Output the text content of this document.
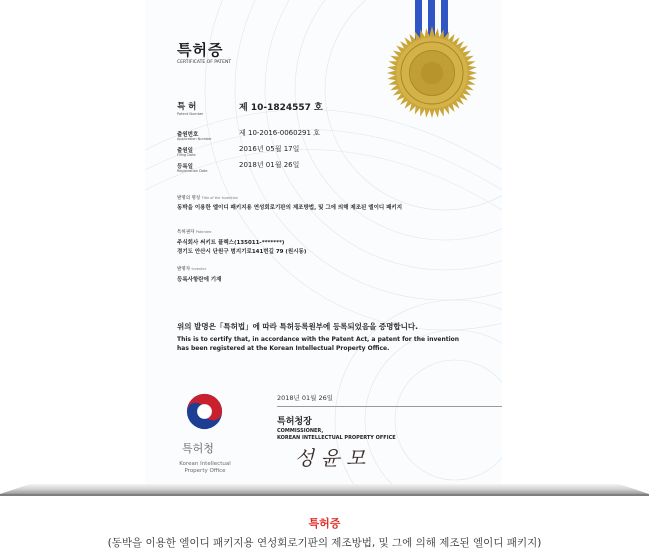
특허증
CERTIFICATE OF PATENT
특 허
Patent Number
제 10-1824557 호
출원번호
Application Number
제 10-2016-0060291 호
출원일
Filing Date
2016년 05월 17일
등록일
Registration Date
2018년 01월 26일
발명의 명칭 Title of the Invention
동박을 이용한 엘이디 패키지용 연성회로기판의 제조방법, 및 그에 의해 제조된 엘이디 패키지
특허권자 Patentee
주식회사 써키트 플렉스(135011-*******)
경기도 안산시 단원구 범지기로141번길 79 (원시동)
발명자 Inventor
등록사항란에 기재
위의 발명은「특허법」에 따라 특허등록원부에 등록되었음을 증명합니다.
This is to certify that, in accordance with the Patent Act, a patent for the invention
has been registered at the Korean Intellectual Property Office.
2018년 01월 26일
특허청장
COMMISSIONER,
KOREAN INTELLECTUAL PROPERTY OFFICE
성 윤 모
특허청
Korean Intellectual Property Office
특허증
(동박을 이용한 엘이디 패키지용 연성회로기판의 제조방법, 및 그에 의해 제조된 엘이디 패키지)
